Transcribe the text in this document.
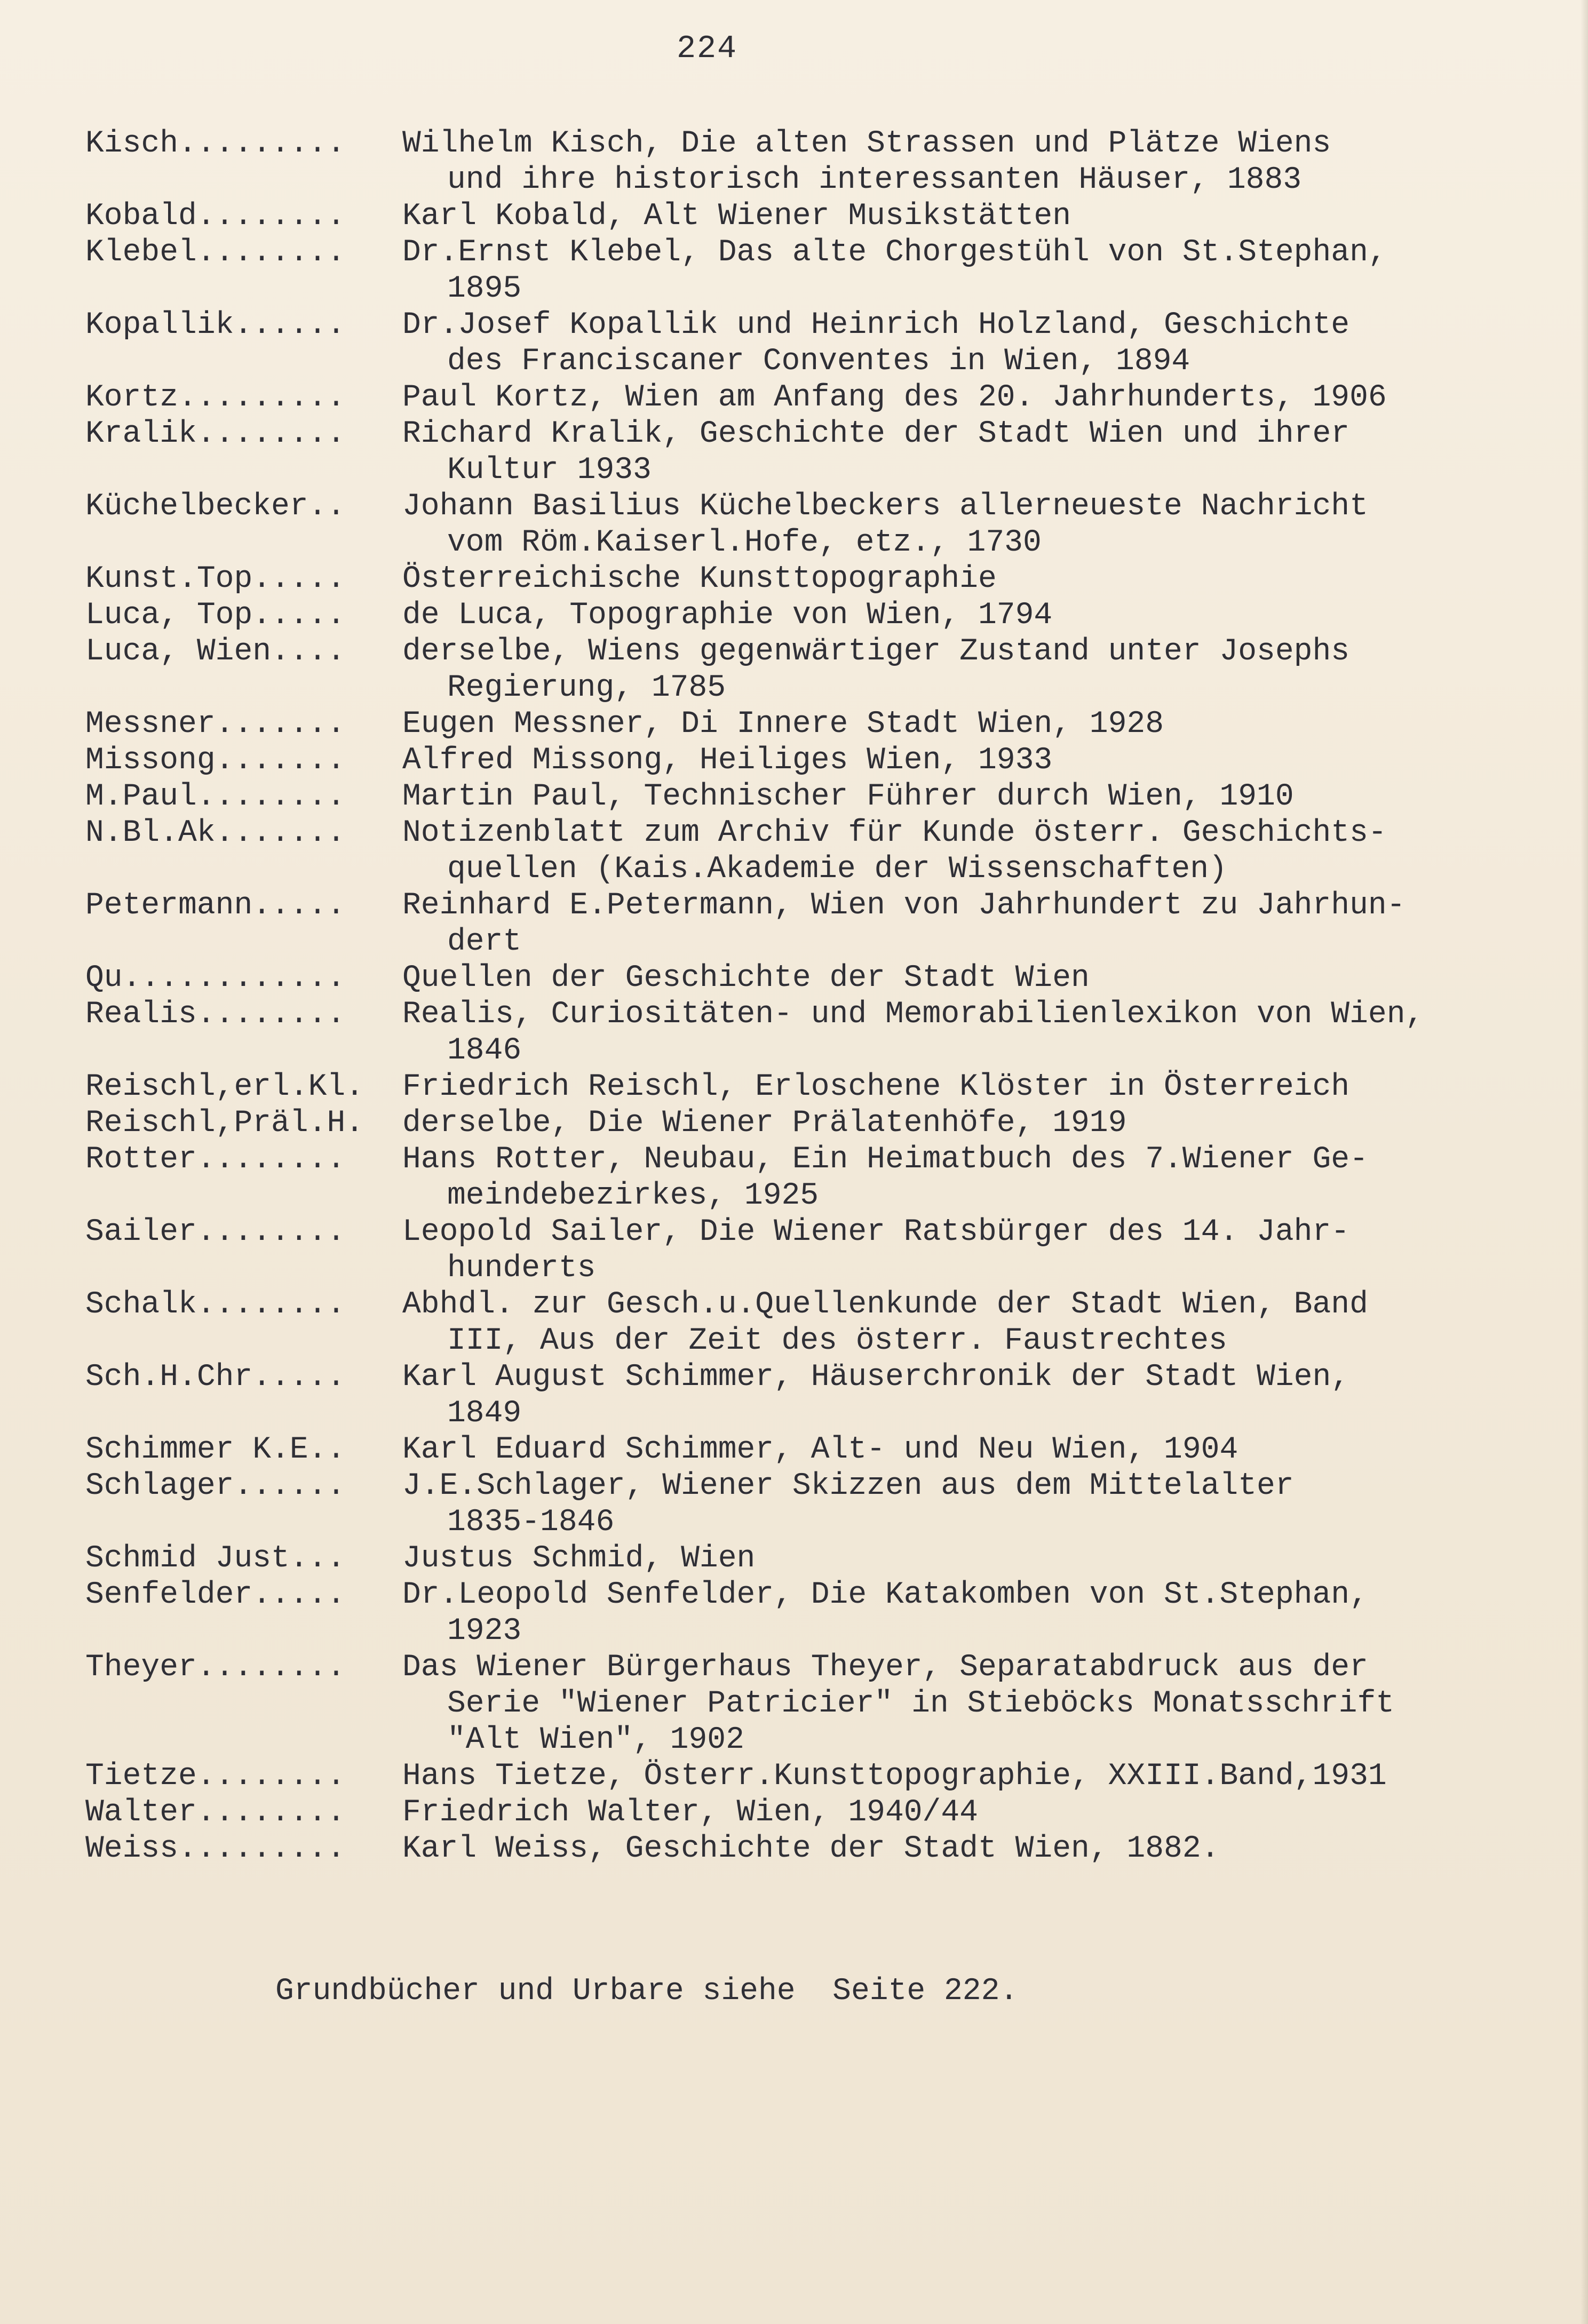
224
Kisch.........	Wilhelm Kisch, Die alten Strassen und Plätze Wiens
und ihre historisch interessanten Häuser, 1883
Kobald........	Karl Kobald, Alt Wiener Musikstätten
Klebel........	Dr.Ernst Klebel, Das alte Chorgestühl von St.Stephan,
1895
Kopallik......	Dr.Josef Kopallik und Heinrich Holzland, Geschichte
des Franciscaner Conventes in Wien, 1894
Kortz.........	Paul Kortz, Wien am Anfang des 20. Jahrhunderts, 1906
Kralik........	Richard Kralik, Geschichte der Stadt Wien und ihrer
Kultur 1933
Küchelbecker..	Johann Basilius Küchelbeckers allerneueste Nachricht
vom Röm.Kaiserl.Hofe, etz., 1730
Kunst.Top.....	Österreichische Kunsttopographie
Luca, Top.....	de Luca, Topographie von Wien, 1794
Luca, Wien....	derselbe, Wiens gegenwärtiger Zustand unter Josephs
Regierung, 1785
Messner.......	Eugen Messner, Di Innere Stadt Wien, 1928
Missong.......	Alfred Missong, Heiliges Wien, 1933
M.Paul........	Martin Paul, Technischer Führer durch Wien, 1910
N.Bl.Ak.......	Notizenblatt zum Archiv für Kunde österr. Geschichts-
quellen (Kais.Akademie der Wissenschaften)
Petermann.....	Reinhard E.Petermann, Wien von Jahrhundert zu Jahrhun-
dert
Qu............	Quellen der Geschichte der Stadt Wien
Realis........	Realis, Curiositäten- und Memorabilienlexikon von Wien,
1846
Reischl,erl.Kl. Friedrich Reischl, Erloschene Klöster in Österreich
Reischl,Präl.H. derselbe, Die Wiener Prälatenhöfe, 1919
Rotter........	Hans Rotter, Neubau, Ein Heimatbuch des 7.Wiener Ge-
meindebezirkes, 1925
Sailer........	Leopold Sailer, Die Wiener Ratsbürger des 14. Jahr-
hunderts
Schalk........	Abhdl. zur Gesch.u.Quellenkunde der Stadt Wien, Band
III, Aus der Zeit des österr. Faustrechtes
Sch.H.Chr.....	Karl August Schimmer, Häuserchronik der Stadt Wien,
1849
Schimmer K.E..	Karl Eduard Schimmer, Alt- und Neu Wien, 1904
Schlager......	J.E.Schlager, Wiener Skizzen aus dem Mittelalter
1835-1846
Schmid Just...	Justus Schmid, Wien
Senfelder.....	Dr.Leopold Senfelder, Die Katakomben von St.Stephan,
1923
Theyer........	Das Wiener Bürgerhaus Theyer, Separatabdruck aus der
Serie "Wiener Patricier" in Stieböcks Monatsschrift
"Alt Wien", 1902
Tietze........	Hans Tietze, Österr.Kunsttopographie, XXIII.Band,1931
Walter........	Friedrich Walter, Wien, 1940/44
Weiss.........	Karl Weiss, Geschichte der Stadt Wien, 1882.
Grundbücher und Urbare siehe  Seite 222.
